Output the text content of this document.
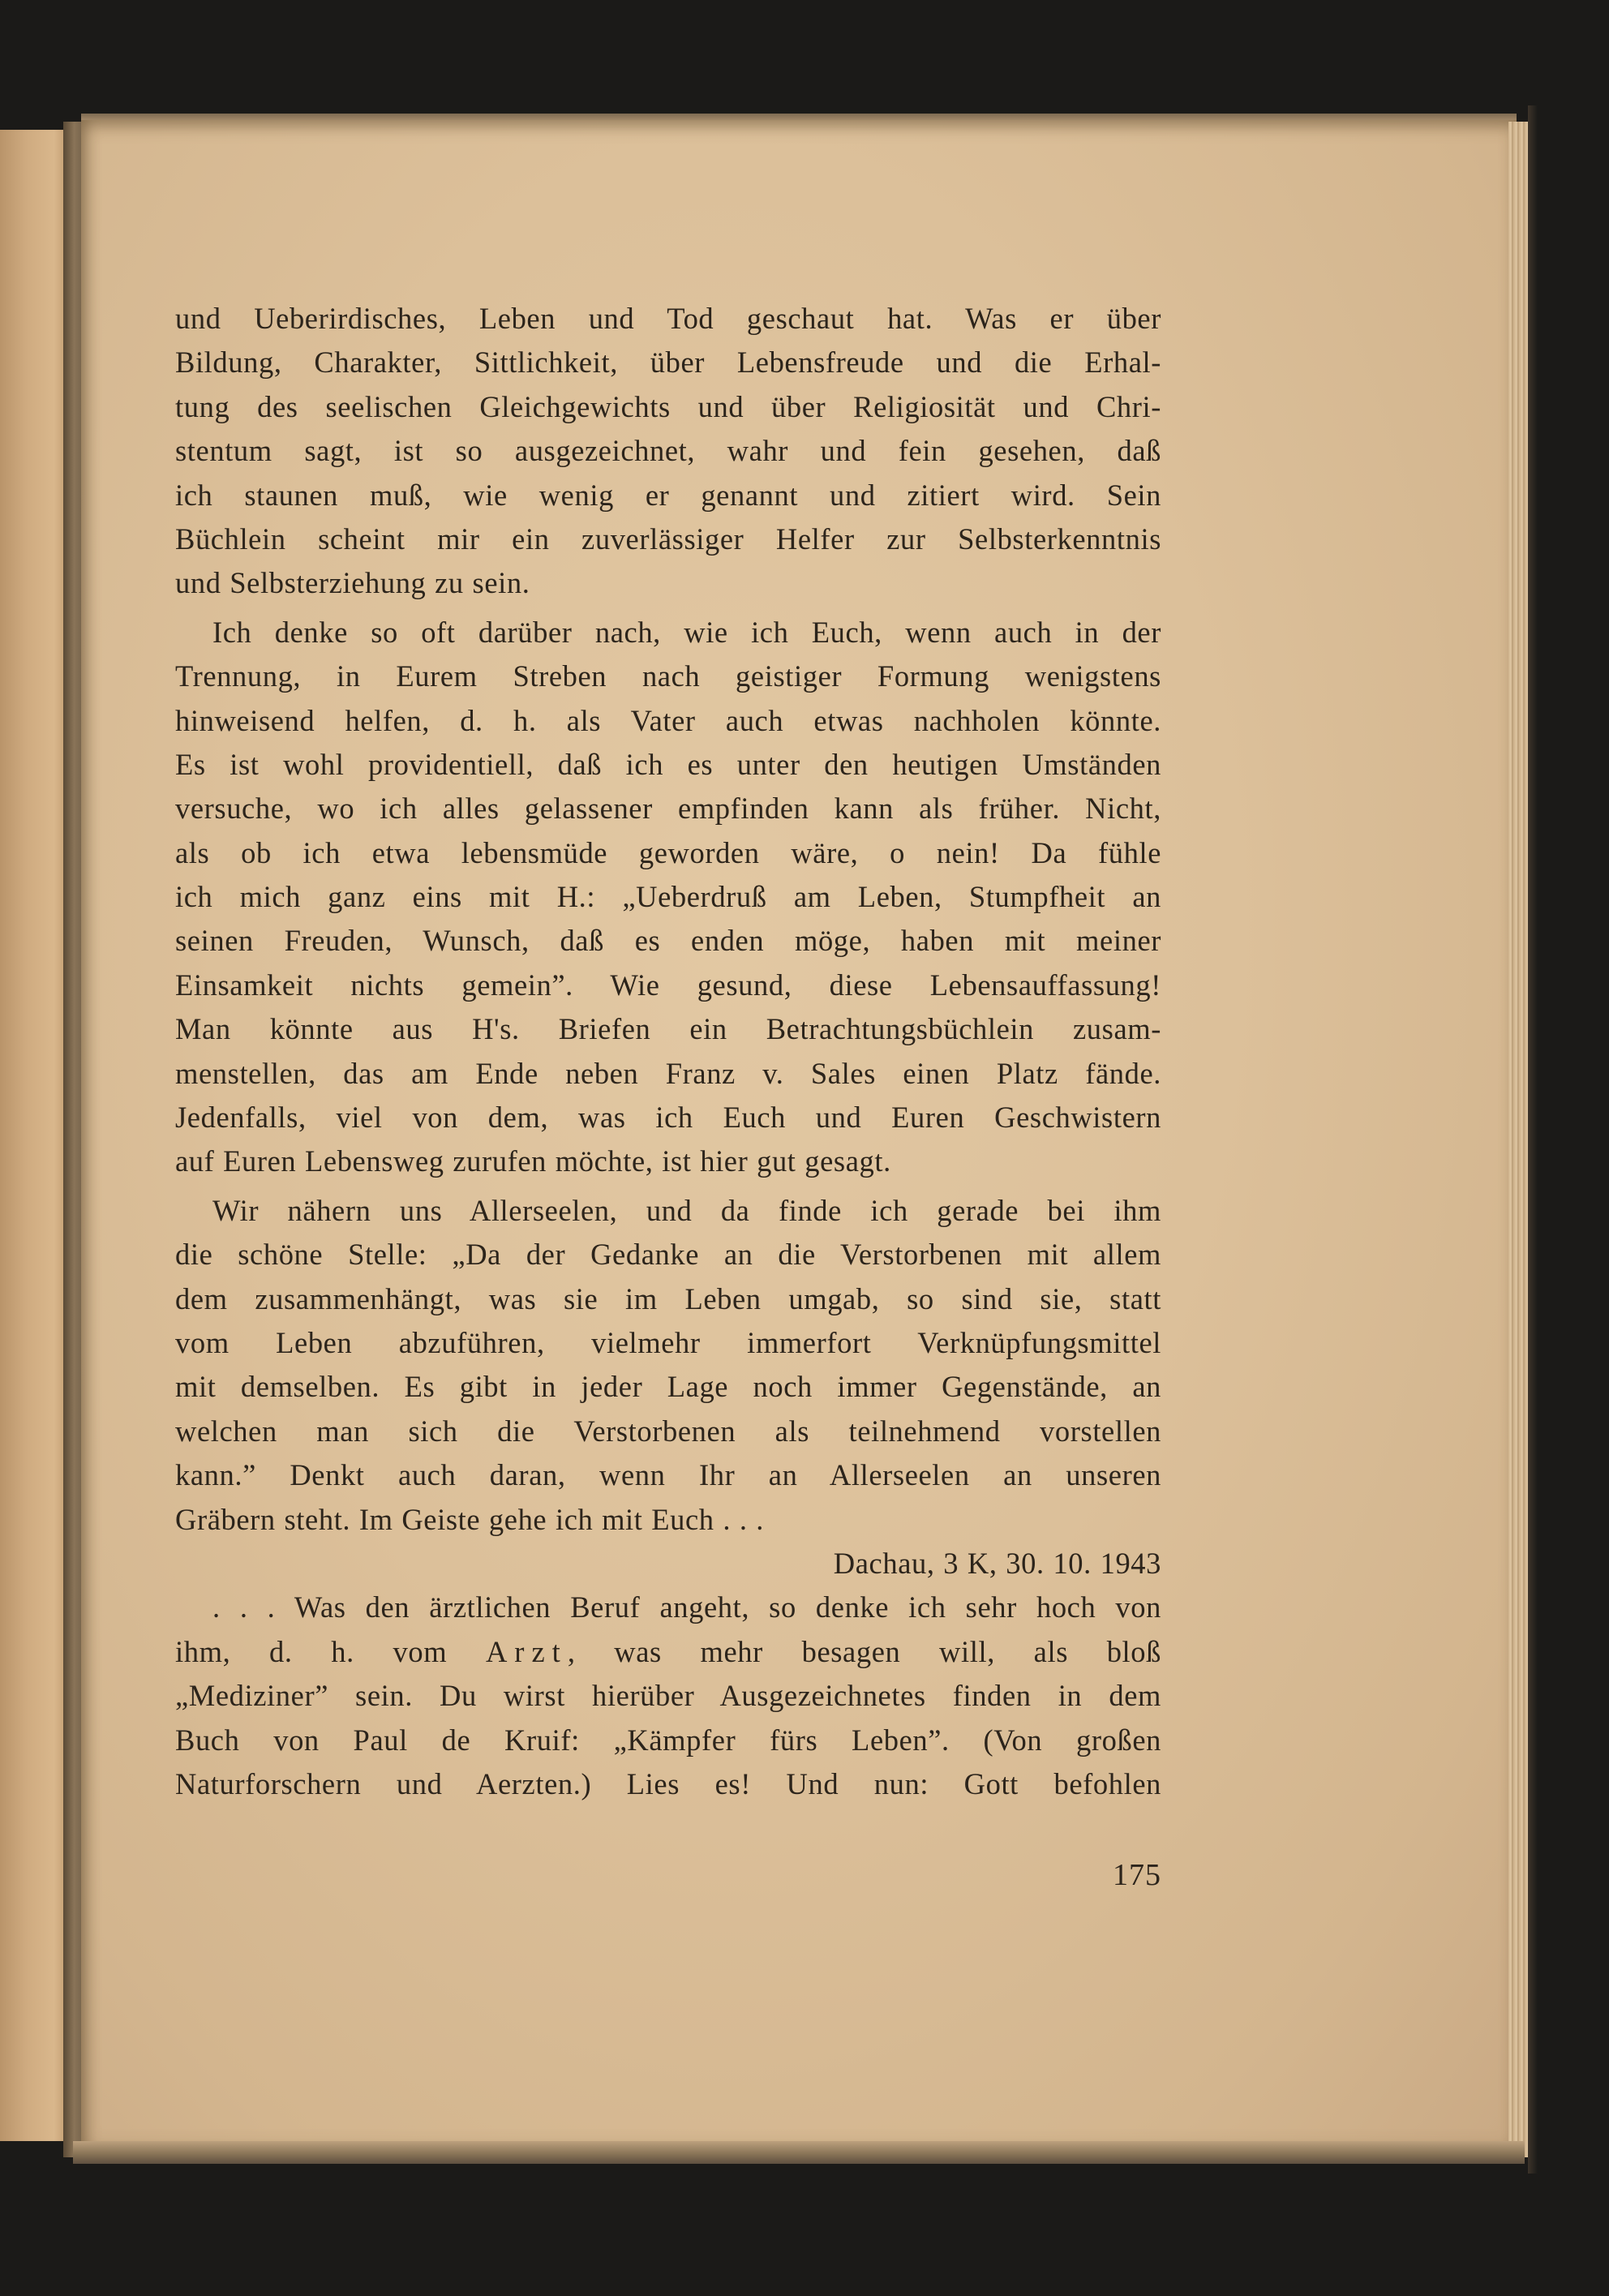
und Ueberirdisches, Leben und Tod geschaut hat. Was er über
Bildung, Charakter, Sittlichkeit, über Lebensfreude und die Erhal-
tung des seelischen Gleichgewichts und über Religiosität und Chri-
stentum sagt, ist so ausgezeichnet, wahr und fein gesehen, daß
ich staunen muß, wie wenig er genannt und zitiert wird. Sein
Büchlein scheint mir ein zuverlässiger Helfer zur Selbsterkenntnis
und Selbsterziehung zu sein.
Ich denke so oft darüber nach, wie ich Euch, wenn auch in der
Trennung, in Eurem Streben nach geistiger Formung wenigstens
hinweisend helfen, d. h. als Vater auch etwas nachholen könnte.
Es ist wohl providentiell, daß ich es unter den heutigen Umständen
versuche, wo ich alles gelassener empfinden kann als früher. Nicht,
als ob ich etwa lebensmüde geworden wäre, o nein! Da fühle
ich mich ganz eins mit H.: „Ueberdruß am Leben, Stumpfheit an
seinen Freuden, Wunsch, daß es enden möge, haben mit meiner
Einsamkeit nichts gemein”. Wie gesund, diese Lebensauffassung!
Man könnte aus H's. Briefen ein Betrachtungsbüchlein zusam-
menstellen, das am Ende neben Franz v. Sales einen Platz fände.
Jedenfalls, viel von dem, was ich Euch und Euren Geschwistern
auf Euren Lebensweg zurufen möchte, ist hier gut gesagt.
Wir nähern uns Allerseelen, und da finde ich gerade bei ihm
die schöne Stelle: „Da der Gedanke an die Verstorbenen mit allem
dem zusammenhängt, was sie im Leben umgab, so sind sie, statt
vom Leben abzuführen, vielmehr immerfort Verknüpfungsmittel
mit demselben. Es gibt in jeder Lage noch immer Gegenstände, an
welchen man sich die Verstorbenen als teilnehmend vorstellen
kann.” Denkt auch daran, wenn Ihr an Allerseelen an unseren
Gräbern steht. Im Geiste gehe ich mit Euch . . .
Dachau, 3 K, 30. 10. 1943
. . . Was den ärztlichen Beruf angeht, so denke ich sehr hoch von
ihm, d. h. vom Arzt, was mehr besagen will, als bloß
„Mediziner” sein. Du wirst hierüber Ausgezeichnetes finden in dem
Buch von Paul de Kruif: „Kämpfer fürs Leben”. (Von großen
Naturforschern und Aerzten.) Lies es! Und nun: Gott befohlen
175
